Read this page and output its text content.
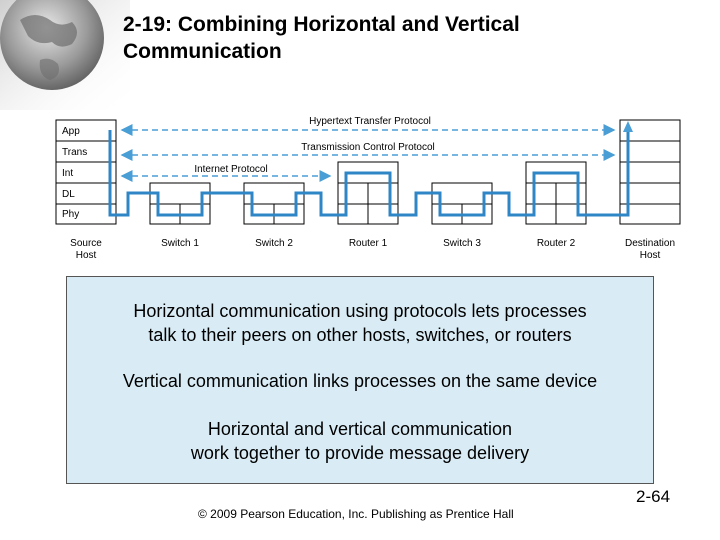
2-19: Combining Horizontal and Vertical
Communication
App
Trans
Int
DL
Phy
Hypertext Transfer Protocol
Transmission Control Protocol
Internet Protocol
Source
Host
Switch 1	Switch 2	Router 1	Switch 3	Router 2	Destination
Host

Horizontal communication using protocols lets processes

talk to their peers on other hosts, switches, or routers

Vertical communication links processes on the same device

Horizontal and vertical communication

work together to provide message delivery

2-64
© 2009 Pearson Education, Inc. Publishing as Prentice Hall
